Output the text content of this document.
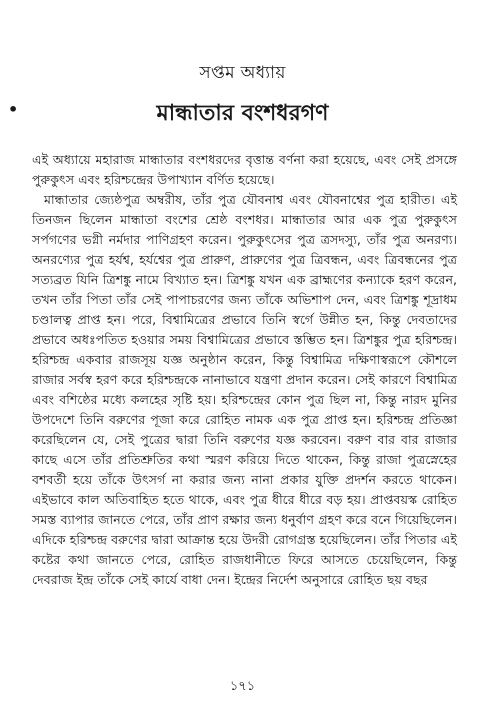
•
সপ্তম অধ্যায়
মান্ধাতার বংশধরগণ

এই অধ্যায়ে মহারাজ মান্ধাতার বংশধরদের বৃত্তান্ত বর্ণনা করা হয়েছে, এবং সেই প্রসঙ্গে পুরুকুৎস এবং হরিশ্চন্দ্রের উপাখ্যান বর্ণিত হয়েছে।

মান্ধাতার জ্যেষ্ঠপুত্র অম্বরীষ, তাঁর পুত্র যৌবনাশ্ব এবং যৌবনাশ্বের পুত্র হারীত। এই তিনজন ছিলেন মান্ধাতা বংশের শ্রেষ্ঠ বংশধর। মান্ধাতার আর এক পুত্র পুরুকুৎস সর্পগণের ভগ্নী নর্মদার পাণিগ্রহণ করেন। পুরুকুৎসের পুত্র ত্রসদস্যু, তাঁর পুত্র অনরণ্য। অনরণ্যের পুত্র হর্যশ্ব, হর্যশ্বের পুত্র প্রারুণ, প্রারুণের পুত্র ত্রিবন্ধন, এবং ত্রিবন্ধনের পুত্র সত্যব্রত যিনি ত্রিশঙ্কু নামে বিখ্যাত হন। ত্রিশঙ্কু যখন এক ব্রাহ্মণের কন্যাকে হরণ করেন, তখন তাঁর পিতা তাঁর সেই পাপাচরণের জন্য তাঁকে অভিশাপ দেন, এবং ত্রিশঙ্কু শূদ্রাধম চণ্ডালত্ব প্রাপ্ত হন। পরে, বিশ্বামিত্রের প্রভাবে তিনি স্বর্গে উন্নীত হন, কিন্তু দেবতাদের প্রভাবে অধঃপতিত হওয়ার সময় বিশ্বামিত্রের প্রভাবে স্তম্ভিত হন। ত্রিশঙ্কুর পুত্র হরিশ্চন্দ্র। হরিশ্চন্দ্র একবার রাজসূয় যজ্ঞ অনুষ্ঠান করেন, কিন্তু বিশ্বামিত্র দক্ষিণাস্বরূপে কৌশলে রাজার সর্বস্ব হরণ করে হরিশ্চন্দ্রকে নানাভাবে যন্ত্রণা প্রদান করেন। সেই কারণে বিশ্বামিত্র এবং বশিষ্ঠের মধ্যে কলহের সৃষ্টি হয়। হরিশ্চন্দ্রের কোন পুত্র ছিল না, কিন্তু নারদ মুনির উপদেশে তিনি বরুণের পূজা করে রোহিত নামক এক পুত্র প্রাপ্ত হন। হরিশ্চন্দ্র প্রতিজ্ঞা করেছিলেন যে, সেই পুত্রের দ্বারা তিনি বরুণের যজ্ঞ করবেন। বরুণ বার বার রাজার কাছে এসে তাঁর প্রতিশ্রুতির কথা স্মরণ করিয়ে দিতে থাকেন, কিন্তু রাজা পুত্রস্নেহের বশবর্তী হয়ে তাঁকে উৎসর্গ না করার জন্য নানা প্রকার যুক্তি প্রদর্শন করতে থাকেন। এইভাবে কাল অতিবাহিত হতে থাকে, এবং পুত্র ধীরে ধীরে বড় হয়। প্রাপ্তবয়স্ক রোহিত সমস্ত ব্যাপার জানতে পেরে, তাঁর প্রাণ রক্ষার জন্য ধনুর্বাণ গ্রহণ করে বনে গিয়েছিলেন। এদিকে হরিশ্চন্দ্র বরুণের দ্বারা আক্রান্ত হয়ে উদরী রোগগ্রস্ত হয়েছিলেন। তাঁর পিতার এই কষ্টের কথা জানতে পেরে, রোহিত রাজধানীতে ফিরে আসতে চেয়েছিলেন, কিন্তু দেবরাজ ইন্দ্র তাঁকে সেই কার্যে বাধা দেন। ইন্দ্রের নির্দেশ অনুসারে রোহিত ছয় বছর

১৭১
